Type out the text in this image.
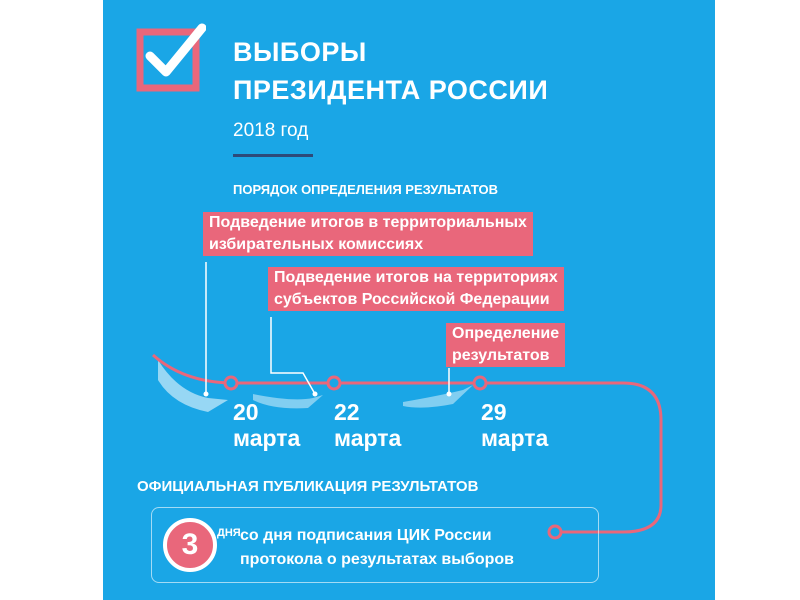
ВЫБОРЫ
ПРЕЗИДЕНТА РОССИИ
2018 год
ПОРЯДОК ОПРЕДЕЛЕНИЯ РЕЗУЛЬТАТОВ
Подведение итогов в территориальных
избирательных комиссиях
Подведение итогов на территориях
субъектов Российской Федерации
Определение
результатов
20
марта
22
марта
29
марта
ОФИЦИАЛЬНАЯ ПУБЛИКАЦИЯ РЕЗУЛЬТАТОВ
3	ДНЯ со дня подписания ЦИК России
протокола о результатах выборов
